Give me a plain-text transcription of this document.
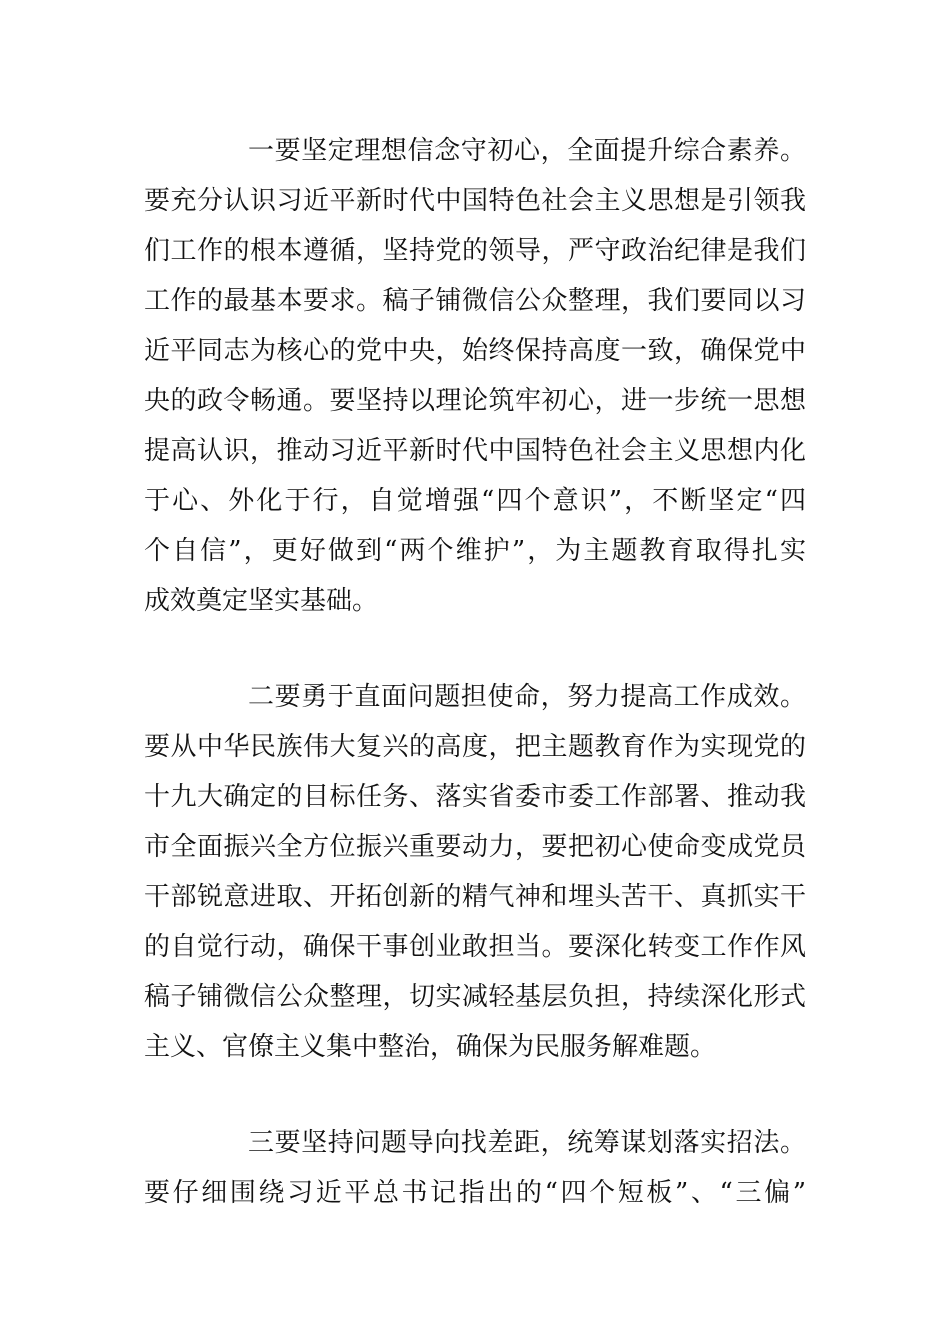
一要坚定理想信念守初心，全面提升综合素养。
要充分认识习近平新时代中国特色社会主义思想是引领我
们工作的根本遵循，坚持党的领导，严守政治纪律是我们
工作的最基本要求。稿子铺微信公众整理，我们要同以习
近平同志为核心的党中央，始终保持高度一致，确保党中
央的政令畅通。要坚持以理论筑牢初心，进一步统一思想
提高认识，推动习近平新时代中国特色社会主义思想内化
于心、外化于行，自觉增强“四个意识”，不断坚定“四
个自信”，更好做到“两个维护”，为主题教育取得扎实
成效奠定坚实基础。
二要勇于直面问题担使命，努力提高工作成效。
要从中华民族伟大复兴的高度，把主题教育作为实现党的
十九大确定的目标任务、落实省委市委工作部署、推动我
市全面振兴全方位振兴重要动力，要把初心使命变成党员
干部锐意进取、开拓创新的精气神和埋头苦干、真抓实干
的自觉行动，确保干事创业敢担当。要深化转变工作作风
稿子铺微信公众整理，切实减轻基层负担，持续深化形式
主义、官僚主义集中整治，确保为民服务解难题。
三要坚持问题导向找差距，统筹谋划落实招法。
要仔细围绕习近平总书记指出的“四个短板”、“三偏”
